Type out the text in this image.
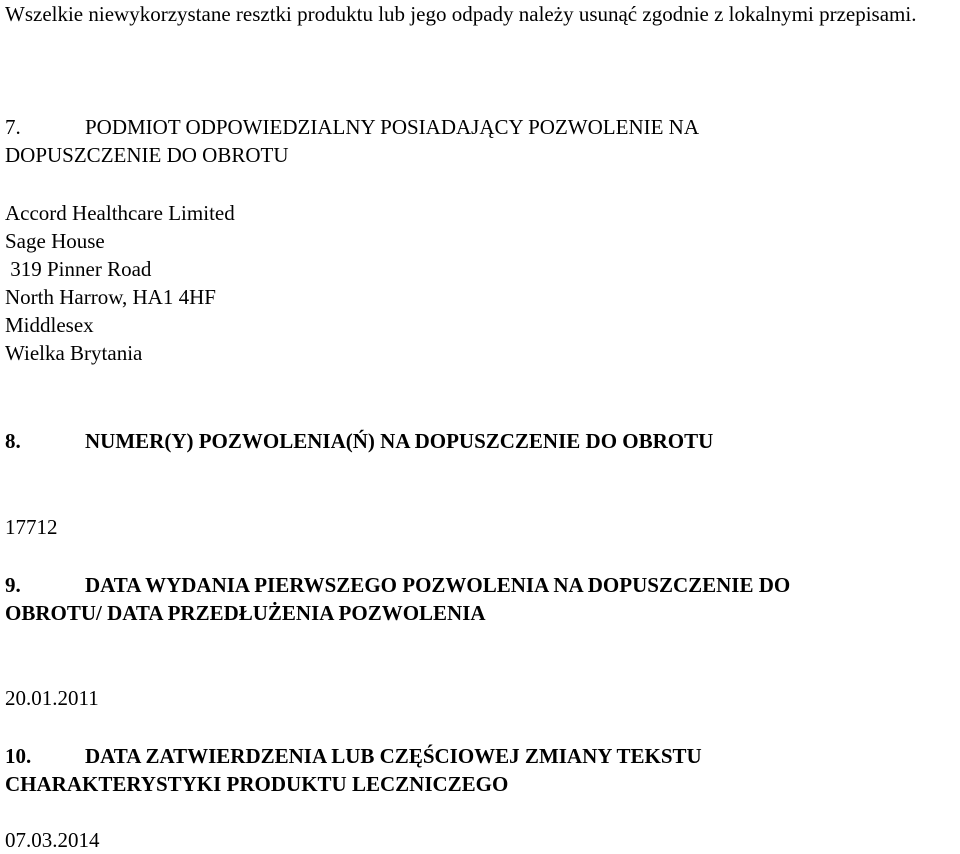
Wszelkie niewykorzystane resztki produktu lub jego odpady należy usunąć zgodnie z lokalnymi przepisami.

7.	PODMIOT ODPOWIEDZIALNY POSIADAJĄCY POZWOLENIE NA

DOPUSZCZENIE DO OBROTU

Accord Healthcare Limited
Sage House
319 Pinner Road
North Harrow, HA1 4HF
Middlesex
Wielka Brytania

8.	NUMER(Y) POZWOLENIA(Ń) NA DOPUSZCZENIE DO OBROTU

17712

9.	DATA WYDANIA PIERWSZEGO POZWOLENIA NA DOPUSZCZENIE DO

OBROTU/ DATA PRZEDŁUŻENIA POZWOLENIA

20.01.2011

10.	DATA ZATWIERDZENIA LUB CZĘŚCIOWEJ ZMIANY TEKSTU

CHARAKTERYSTYKI PRODUKTU LECZNICZEGO

07.03.2014
